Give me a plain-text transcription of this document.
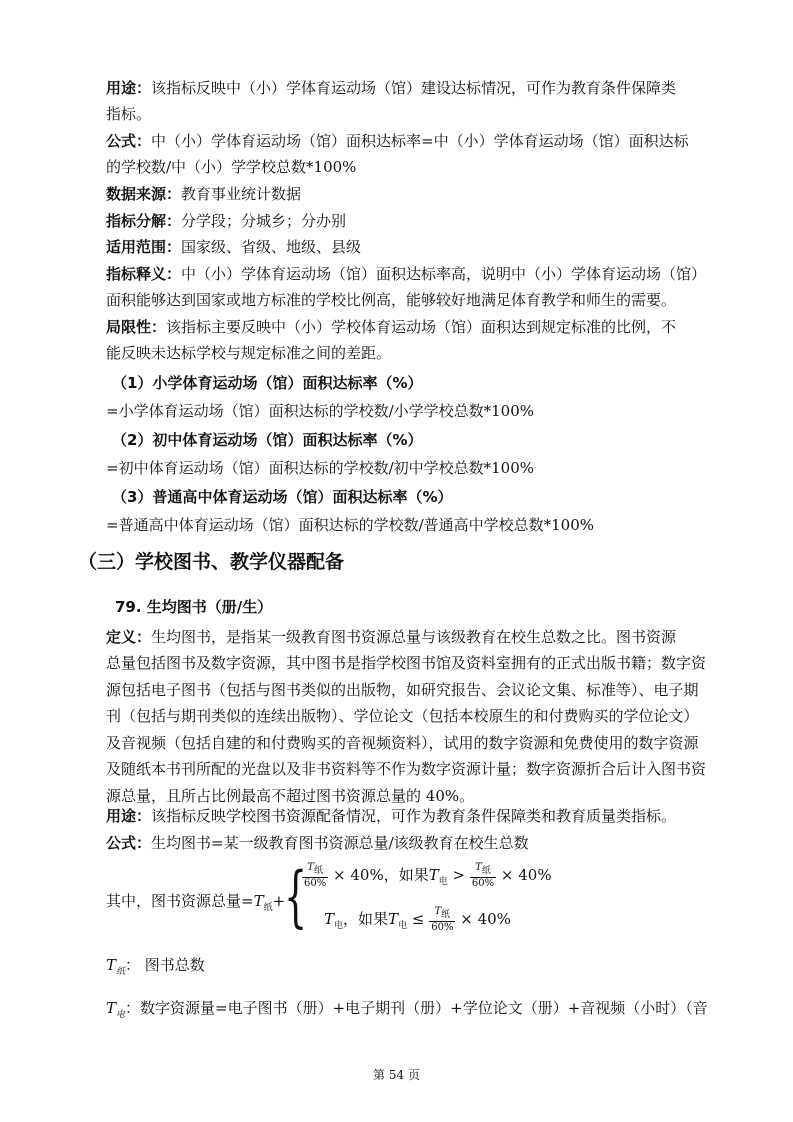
用途：该指标反映中（小）学体育运动场（馆）建设达标情况，可作为教育条件保障类
指标。
公式：中（小）学体育运动场（馆）面积达标率=中（小）学体育运动场（馆）面积达标
的学校数/中（小）学学校总数*100%
数据来源：教育事业统计数据
指标分解：分学段；分城乡；分办别
适用范围：国家级、省级、地级、县级
指标释义：中（小）学体育运动场（馆）面积达标率高，说明中（小）学体育运动场（馆）
面积能够达到国家或地方标准的学校比例高，能够较好地满足体育教学和师生的需要。
局限性：该指标主要反映中（小）学校体育运动场（馆）面积达到规定标准的比例，不
能反映未达标学校与规定标准之间的差距。
（1）小学体育运动场（馆）面积达标率（%）
=小学体育运动场（馆）面积达标的学校数/小学学校总数*100%
（2）初中体育运动场（馆）面积达标率（%）
=初中体育运动场（馆）面积达标的学校数/初中学校总数*100%
（3）普通高中体育运动场（馆）面积达标率（%）
=普通高中体育运动场（馆）面积达标的学校数/普通高中学校总数*100%
（三）学校图书、教学仪器配备
79. 生均图书（册/生）
定义：生均图书，是指某一级教育图书资源总量与该级教育在校生总数之比。图书资源
总量包括图书及数字资源，其中图书是指学校图书馆及资料室拥有的正式出版书籍；数字资
源包括电子图书（包括与图书类似的出版物，如研究报告、会议论文集、标准等）、电子期
刊（包括与期刊类似的连续出版物）、学位论文（包括本校原生的和付费购买的学位论文）
及音视频（包括自建的和付费购买的音视频资料），试用的数字资源和免费使用的数字资源
及随纸本书刊所配的光盘以及非书资料等不作为数字资源计量；数字资源折合后计入图书资
源总量，且所占比例最高不超过图书资源总量的 40%。
用途：该指标反映学校图书资源配备情况，可作为教育条件保障类和教育质量类指标。
公式：生均图书=某一级教育图书资源总量/该级教育在校生总数
其中，图书资源总量$=T_纸+$
{
$\frac{T_纸}{60\%} \times 40\%$，如果$T_电 > \frac{T_纸}{60\%} \times 40\%$
$T_电$，如果$T_电 \le \frac{T_纸}{60\%} \times 40\%$
$T_纸$： 图书总数
$T_电$：数字资源量=电子图书（册）+电子期刊（册）+学位论文（册）+音视频（小时）（音
第 54 页
